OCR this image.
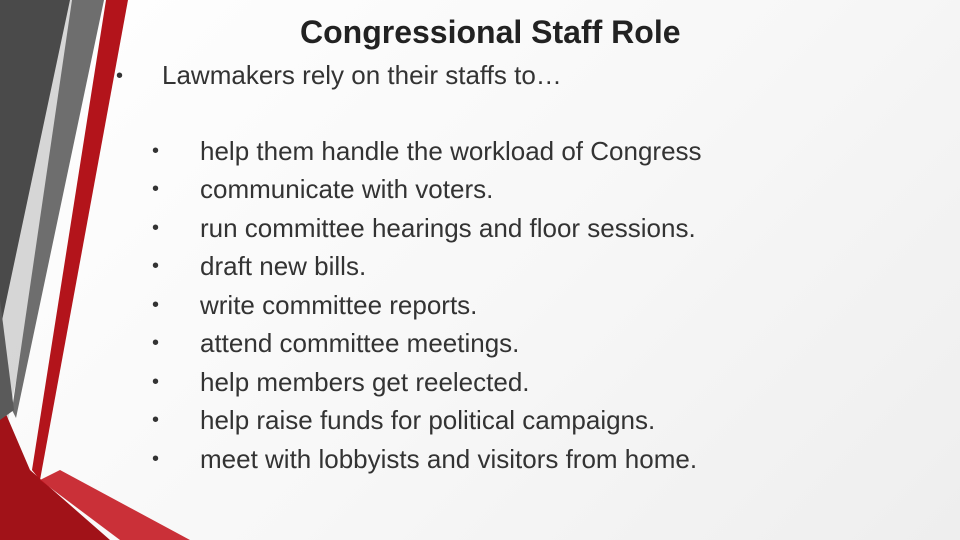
Congressional Staff Role
• Lawmakers rely on their staffs to…
•	help them handle the workload of Congress
•	communicate with voters.
•	run committee hearings and floor sessions.
•	draft new bills.
•	write committee reports.
•	attend committee meetings.
•	help members get reelected.
•	help raise funds for political campaigns.
•	meet with lobbyists and visitors from home.
